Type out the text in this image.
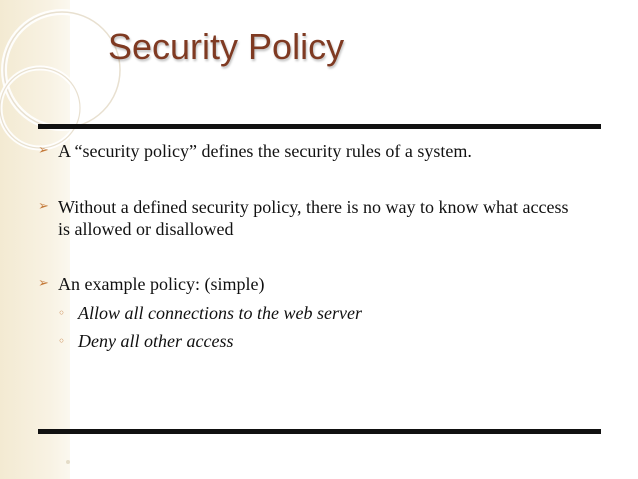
Security Policy
➢ A “security policy” defines the security rules of a system.
➢ Without a defined security policy, there is no way to know what access is allowed or disallowed
➢ An example policy: (simple)
◦ Allow all connections to the web server
◦ Deny all other access
